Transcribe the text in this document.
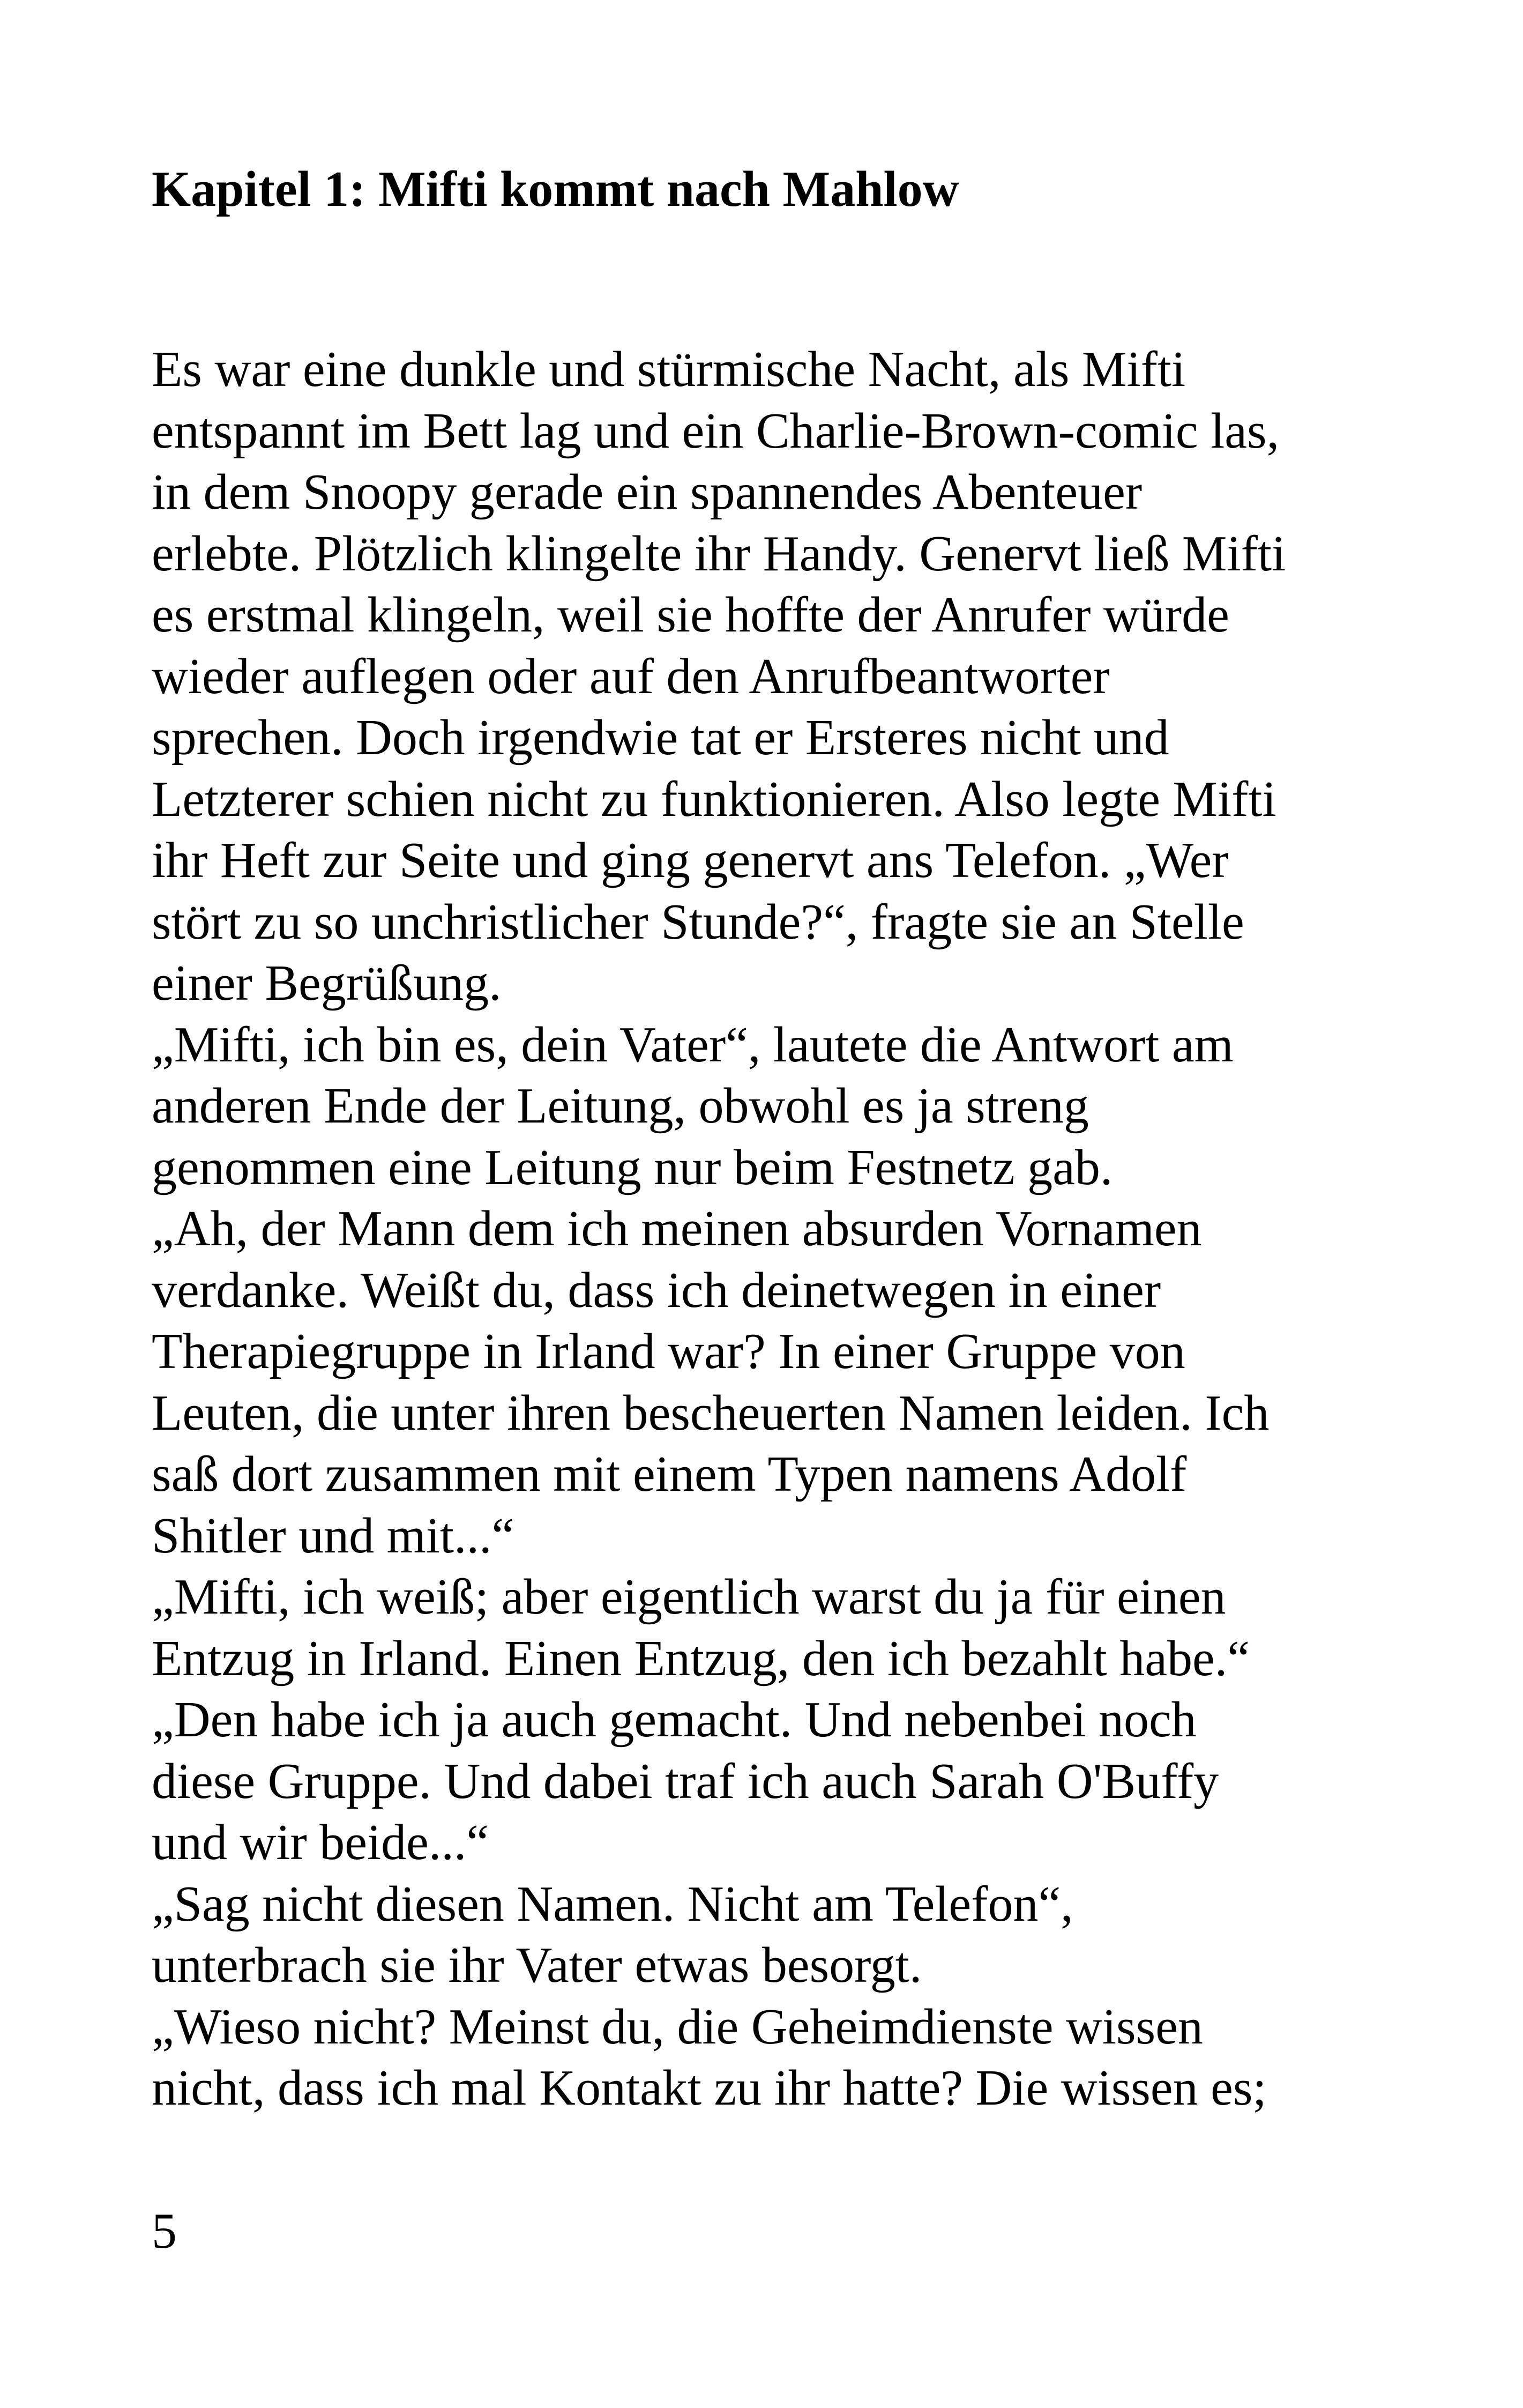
Kapitel 1: Mifti kommt nach Mahlow
Es war eine dunkle und stürmische Nacht, als Mifti
entspannt im Bett lag und ein Charlie-Brown-comic las,
in dem Snoopy gerade ein spannendes Abenteuer
erlebte. Plötzlich klingelte ihr Handy. Genervt ließ Mifti
es erstmal klingeln, weil sie hoffte der Anrufer würde
wieder auflegen oder auf den Anrufbeantworter
sprechen. Doch irgendwie tat er Ersteres nicht und
Letzterer schien nicht zu funktionieren. Also legte Mifti
ihr Heft zur Seite und ging genervt ans Telefon. „Wer
stört zu so unchristlicher Stunde?“, fragte sie an Stelle
einer Begrüßung.
„Mifti, ich bin es, dein Vater“, lautete die Antwort am
anderen Ende der Leitung, obwohl es ja streng
genommen eine Leitung nur beim Festnetz gab.
„Ah, der Mann dem ich meinen absurden Vornamen
verdanke. Weißt du, dass ich deinetwegen in einer
Therapiegruppe in Irland war? In einer Gruppe von
Leuten, die unter ihren bescheuerten Namen leiden. Ich
saß dort zusammen mit einem Typen namens Adolf
Shitler und mit...“
„Mifti, ich weiß; aber eigentlich warst du ja für einen
Entzug in Irland. Einen Entzug, den ich bezahlt habe.“
„Den habe ich ja auch gemacht. Und nebenbei noch
diese Gruppe. Und dabei traf ich auch Sarah O'Buffy
und wir beide...“
„Sag nicht diesen Namen. Nicht am Telefon“,
unterbrach sie ihr Vater etwas besorgt.
„Wieso nicht? Meinst du, die Geheimdienste wissen
nicht, dass ich mal Kontakt zu ihr hatte? Die wissen es;
5
